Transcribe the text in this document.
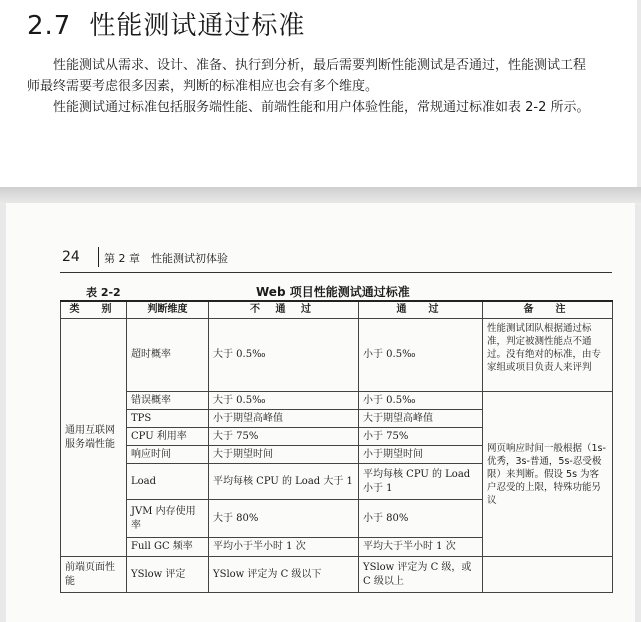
2.7 性能测试通过标准
性能测试从需求、设计、准备、执行到分析，最后需要判断性能测试是否通过，性能测试工程师最终需要考虑很多因素，判断的标准相应也会有多个维度。
性能测试通过标准包括服务端性能、前端性能和用户体验性能，常规通过标准如表 2-2 所示。
24 第 2 章　性能测试初体验
表 2-2	Web 项目性能测试通过标准
类　别	判断维度	不 通 过	通　过	备　注
通用互联网服务端性能	超时概率	大于 0.5‰	小于 0.5‰	性能测试团队根据通过标准，判定被测性能点不通过。没有绝对的标准，由专家组或项目负责人来评判
	错误概率	大于 0.5‰	小于 0.5‰	网页响应时间一般根据（1s-优秀，3s-普通，5s-忍受极限）来判断。假设 5s 为客户忍受的上限，特殊功能另议
	TPS	小于期望高峰值	大于期望高峰值	
	CPU 利用率	大于 75%	小于 75%	
	响应时间	大于期望时间	小于期望时间	
	Load	平均每核 CPU 的 Load 大于 1	平均每核 CPU 的 Load 小于 1	
	JVM 内存使用率	大于 80%	小于 80%	
	Full GC 频率	平均小于半小时 1 次	平均大于半小时 1 次	
前端页面性能	YSlow 评定	YSlow 评定为 C 级以下	YSlow 评定为 C 级，或 C 级以上	
